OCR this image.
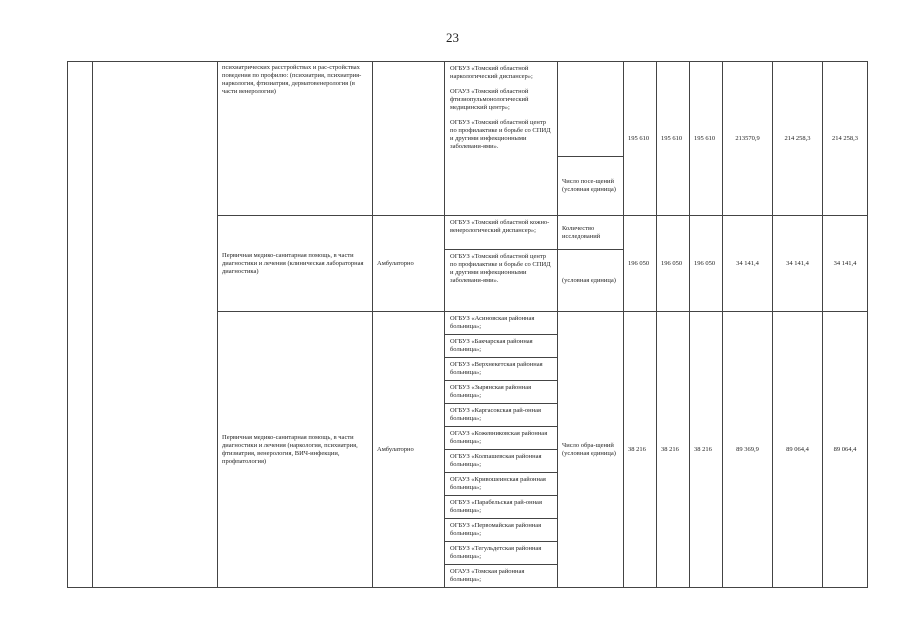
23
		психиатрических расстройствах и рас-стройствах поведения по профилю: (психиатрия, психиатрия-наркология, фтизиатрия, дерматовенерология (в части венерологии)		ОГБУЗ «Томский областной наркологический диспансер»;

ОГАУЗ «Томский областной фтизиопульмонологический медицинский центр»;

ОГБУЗ «Томский областной центр по профилактике и борьбе со СПИД и другими инфекционными заболевани-ями».		195 610	195 610	195 610	213570,9	214 258,3	214 258,3
					Число посе-щений (условная единица)						
		Первичная медико-санитарная помощь, в части диагностики и лечения (клиническая лабораторная диагностика)	Амбулаторно	ОГБУЗ «Томский областной кожно-венерологический диспансер»;	Количество исследований	196 050	196 050	196 050	34 141,4	34 141,4	34 141,4
				ОГБУЗ «Томский областной центр по профилактике и борьбе со СПИД и другими инфекционными заболевани-ями».	(условная единица)						
		Первичная медико-санитарная помощь, в части диагностики и лечения (наркология, психиатрия, фтизиатрия, венерология, ВИЧ-инфекции, профпатология)	Амбулаторно	ОГБУЗ «Асиновская районная больница»;	Число обра-щений (условная единица)	38 216	38 216	38 216	89 369,9	89 064,4	89 064,4
				ОГБУЗ «Бакчарская районная больница»;							
				ОГБУЗ «Верхнекетская районная больница»;							
				ОГБУЗ «Зырянская районная больница»;							
				ОГБУЗ «Каргасокская рай-онная больница»;							
				ОГАУЗ «Кожевниковская районная больница»;							
				ОГБУЗ «Колпашевская районная больница»;							
				ОГАУЗ «Кривошеинская районная больница»;							
				ОГБУЗ «Парабельская рай-онная больница»;							
				ОГБУЗ «Первомайская районная больница»;							
				ОГБУЗ «Тегульдетская районная больница»;							
				ОГАУЗ «Томская районная больница»;							
